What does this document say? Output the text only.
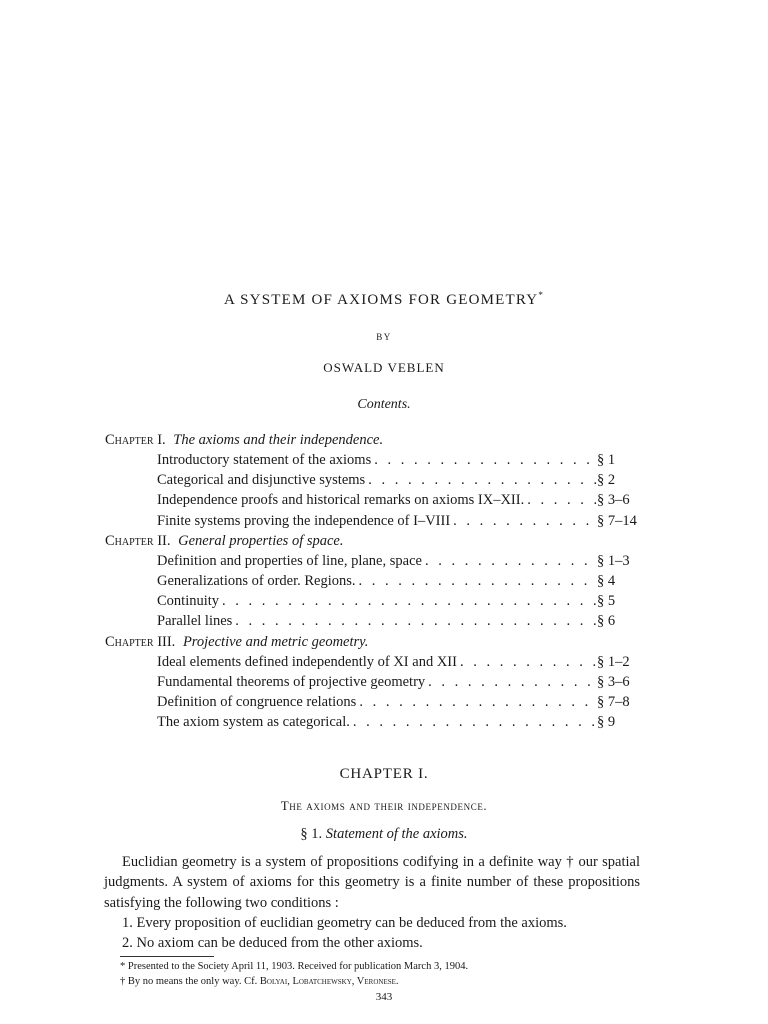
A SYSTEM OF AXIOMS FOR GEOMETRY*
BY
OSWALD VEBLEN
Contents.
Chapter I. The axioms and their independence.
Introductory statement of the axioms . . .	§ 1
Categorical and disjunctive systems . . .	§ 2
Independence proofs and historical remarks on axioms IX–XII. . . .	§ 3–6
Finite systems proving the independence of I–VIII . . .	§ 7–14
Chapter II. General properties of space.
Definition and properties of line, plane, space . . .	§ 1–3
Generalizations of order. Regions. . . .	§ 4
Continuity . . .	§ 5
Parallel lines . . .	§ 6
Chapter III. Projective and metric geometry.
Ideal elements defined independently of XI and XII . . .	§ 1–2
Fundamental theorems of projective geometry . . .	§ 3–6
Definition of congruence relations . . .	§ 7–8
The axiom system as categorical. . . .	§ 9
CHAPTER I.
The axioms and their independence.
§ 1. Statement of the axioms.

Euclidian geometry is a system of propositions codifying in a definite way † our spatial judgments. A system of axioms for this geometry is a finite number of these propositions satisfying the following two conditions :

1. Every proposition of euclidian geometry can be deduced from the axioms.
2. No axiom can be deduced from the other axioms.
* Presented to the Society April 11, 1903. Received for publication March 3, 1904.
† By no means the only way. Cf. Bolyai, Lobatchewsky, Veronese.
343
